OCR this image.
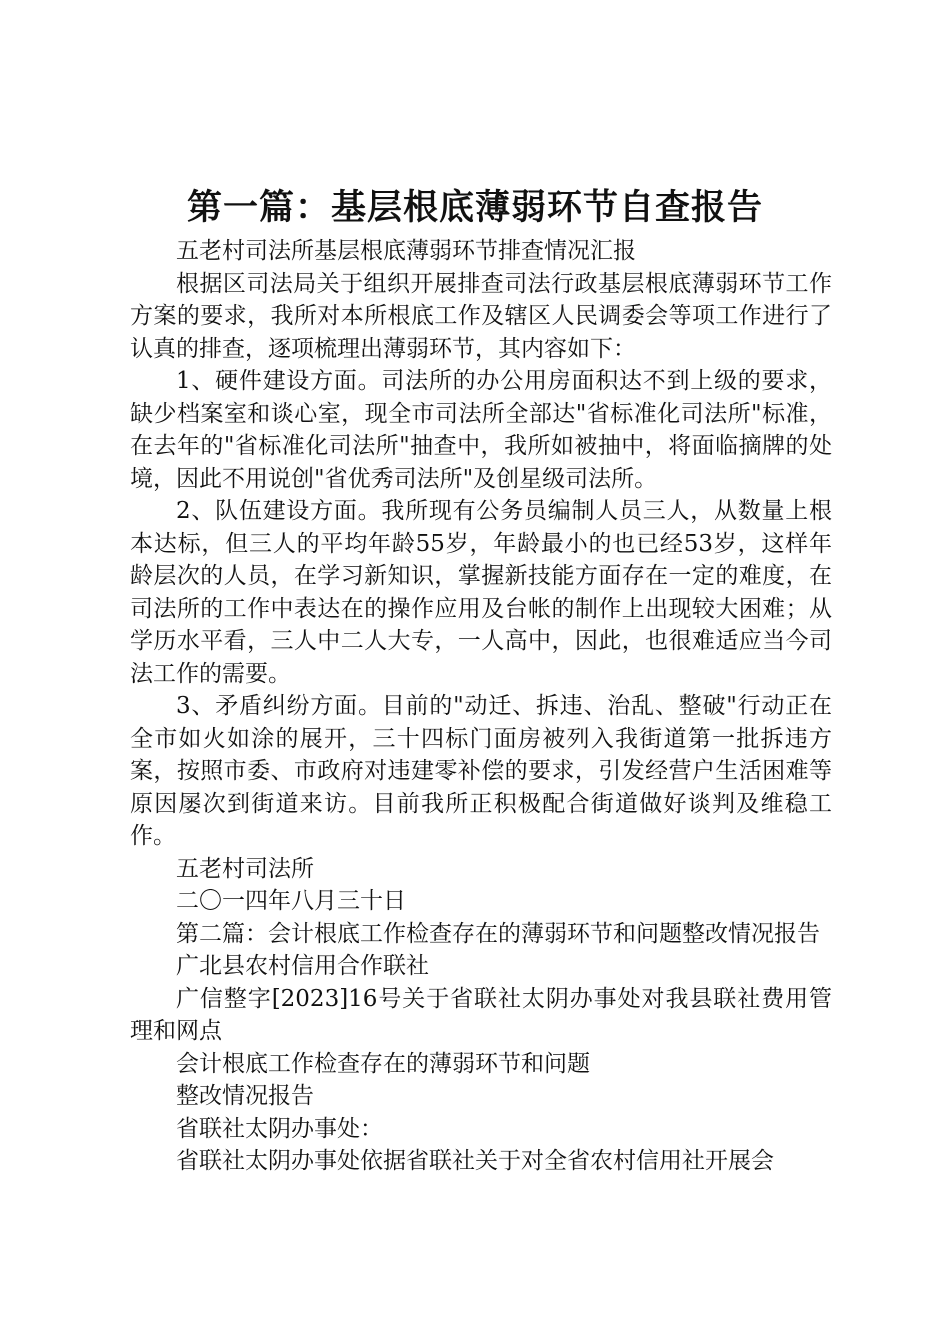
第一篇：基层根底薄弱环节自查报告

五老村司法所基层根底薄弱环节排查情况汇报

根据区司法局关于组织开展排查司法行政基层根底薄弱环节工作方案的要求，我所对本所根底工作及辖区人民调委会等项工作进行了认真的排查，逐项梳理出薄弱环节，其内容如下：

1、硬件建设方面。司法所的办公用房面积达不到上级的要求，缺少档案室和谈心室，现全市司法所全部达"省标准化司法所"标准，在去年的"省标准化司法所"抽查中，我所如被抽中，将面临摘牌的处境，因此不用说创"省优秀司法所"及创星级司法所。

2、队伍建设方面。我所现有公务员编制人员三人，从数量上根本达标，但三人的平均年龄55岁，年龄最小的也已经53岁，这样年龄层次的人员，在学习新知识，掌握新技能方面存在一定的难度，在司法所的工作中表达在的操作应用及台帐的制作上出现较大困难；从学历水平看，三人中二人大专，一人高中，因此，也很难适应当今司法工作的需要。

3、矛盾纠纷方面。目前的"动迁、拆违、治乱、整破"行动正在全市如火如涂的展开，三十四标门面房被列入我街道第一批拆违方案，按照市委、市政府对违建零补偿的要求，引发经营户生活困难等原因屡次到街道来访。目前我所正积极配合街道做好谈判及维稳工作。

五老村司法所

二〇一四年八月三十日

第二篇：会计根底工作检查存在的薄弱环节和问题整改情况报告

广北县农村信用合作联社

广信整字[2023]16号关于省联社太阴办事处对我县联社费用管理和网点

会计根底工作检查存在的薄弱环节和问题

整改情况报告

省联社太阴办事处：

省联社太阴办事处依据省联社关于对全省农村信用社开展会
